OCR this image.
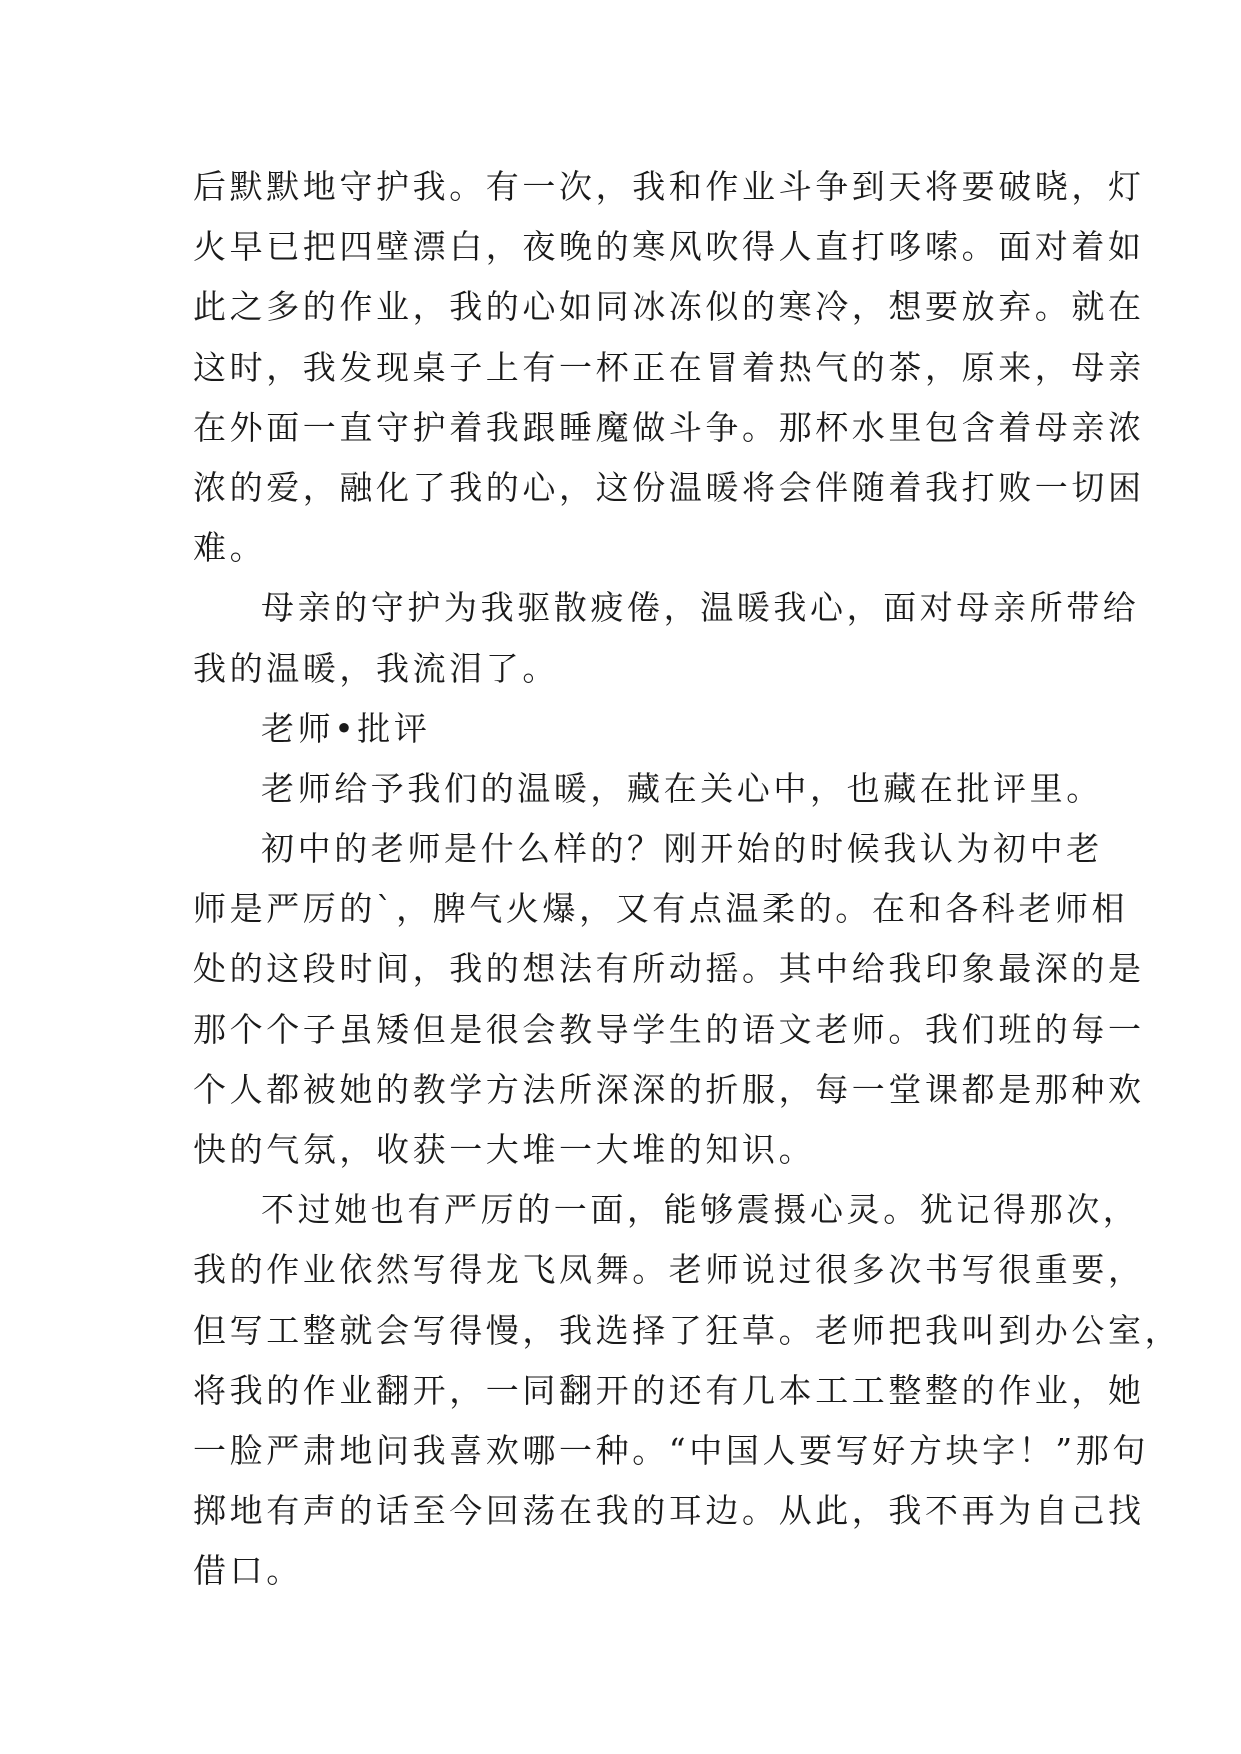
后默默地守护我。有一次，我和作业斗争到天将要破晓，灯
火早已把四壁漂白，夜晚的寒风吹得人直打哆嗦。面对着如
此之多的作业，我的心如同冰冻似的寒冷，想要放弃。就在
这时，我发现桌子上有一杯正在冒着热气的茶，原来，母亲
在外面一直守护着我跟睡魔做斗争。那杯水里包含着母亲浓
浓的爱，融化了我的心，这份温暖将会伴随着我打败一切困
难。
母亲的守护为我驱散疲倦，温暖我心，面对母亲所带给
我的温暖，我流泪了。
老师•批评
老师给予我们的温暖，藏在关心中，也藏在批评里。
初中的老师是什么样的？刚开始的时候我认为初中老
师是严厉的`，脾气火爆，又有点温柔的。在和各科老师相
处的这段时间，我的想法有所动摇。其中给我印象最深的是
那个个子虽矮但是很会教导学生的语文老师。我们班的每一
个人都被她的教学方法所深深的折服，每一堂课都是那种欢
快的气氛，收获一大堆一大堆的知识。
不过她也有严厉的一面，能够震摄心灵。犹记得那次，
我的作业依然写得龙飞凤舞。老师说过很多次书写很重要，
但写工整就会写得慢，我选择了狂草。老师把我叫到办公室，
将我的作业翻开，一同翻开的还有几本工工整整的作业，她
一脸严肃地问我喜欢哪一种。“中国人要写好方块字！”那句
掷地有声的话至今回荡在我的耳边。从此，我不再为自己找
借口。
